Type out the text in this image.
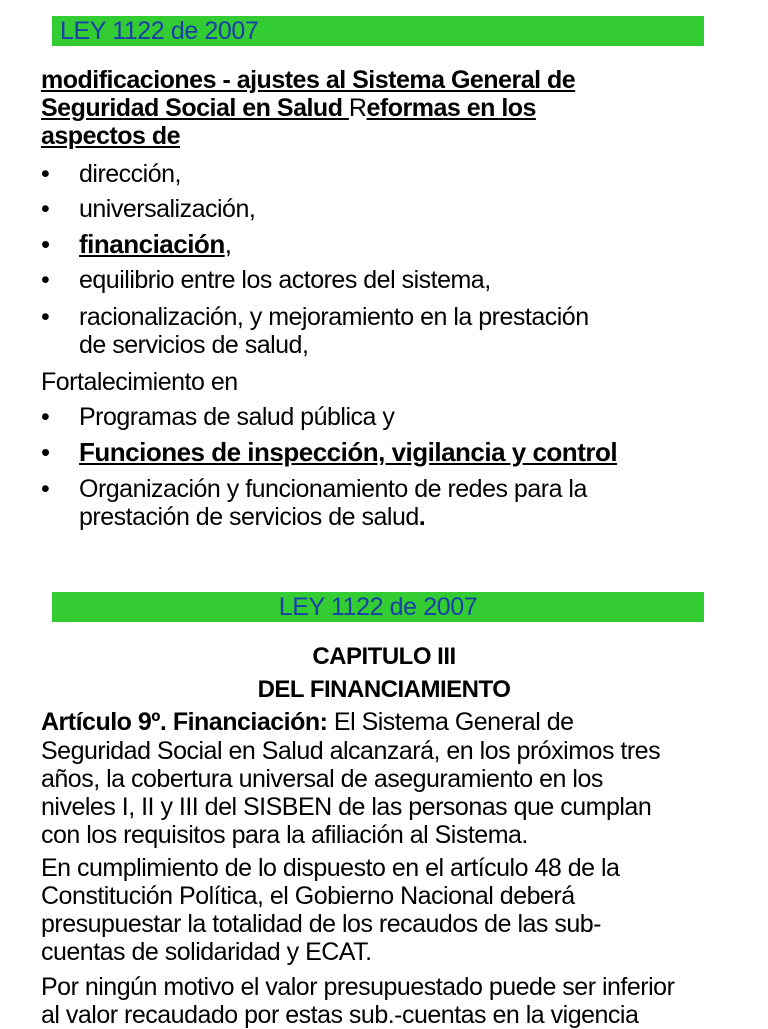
LEY 1122 de 2007
modificaciones - ajustes al Sistema General de
Seguridad Social en Salud Reformas en los
aspectos de
• dirección,
• universalización,
• financiación,
• equilibrio entre los actores del sistema,
• racionalización, y mejoramiento en la prestación
de servicios de salud,
Fortalecimiento en
• Programas de salud pública y
• Funciones de inspección, vigilancia y control
• Organización y funcionamiento de redes para la
prestación de servicios de salud.
LEY 1122 de 2007
CAPITULO III
DEL FINANCIAMIENTO
Artículo 9º. Financiación: El Sistema General de
Seguridad Social en Salud alcanzará, en los próximos tres
años, la cobertura universal de aseguramiento en los
niveles I, II y III del SISBEN de las personas que cumplan
con los requisitos para la afiliación al Sistema.
En cumplimiento de lo dispuesto en el artículo 48 de la
Constitución Política, el Gobierno Nacional deberá
presupuestar la totalidad de los recaudos de las sub-
cuentas de solidaridad y ECAT.
Por ningún motivo el valor presupuestado puede ser inferior
al valor recaudado por estas sub.-cuentas en la vigencia
